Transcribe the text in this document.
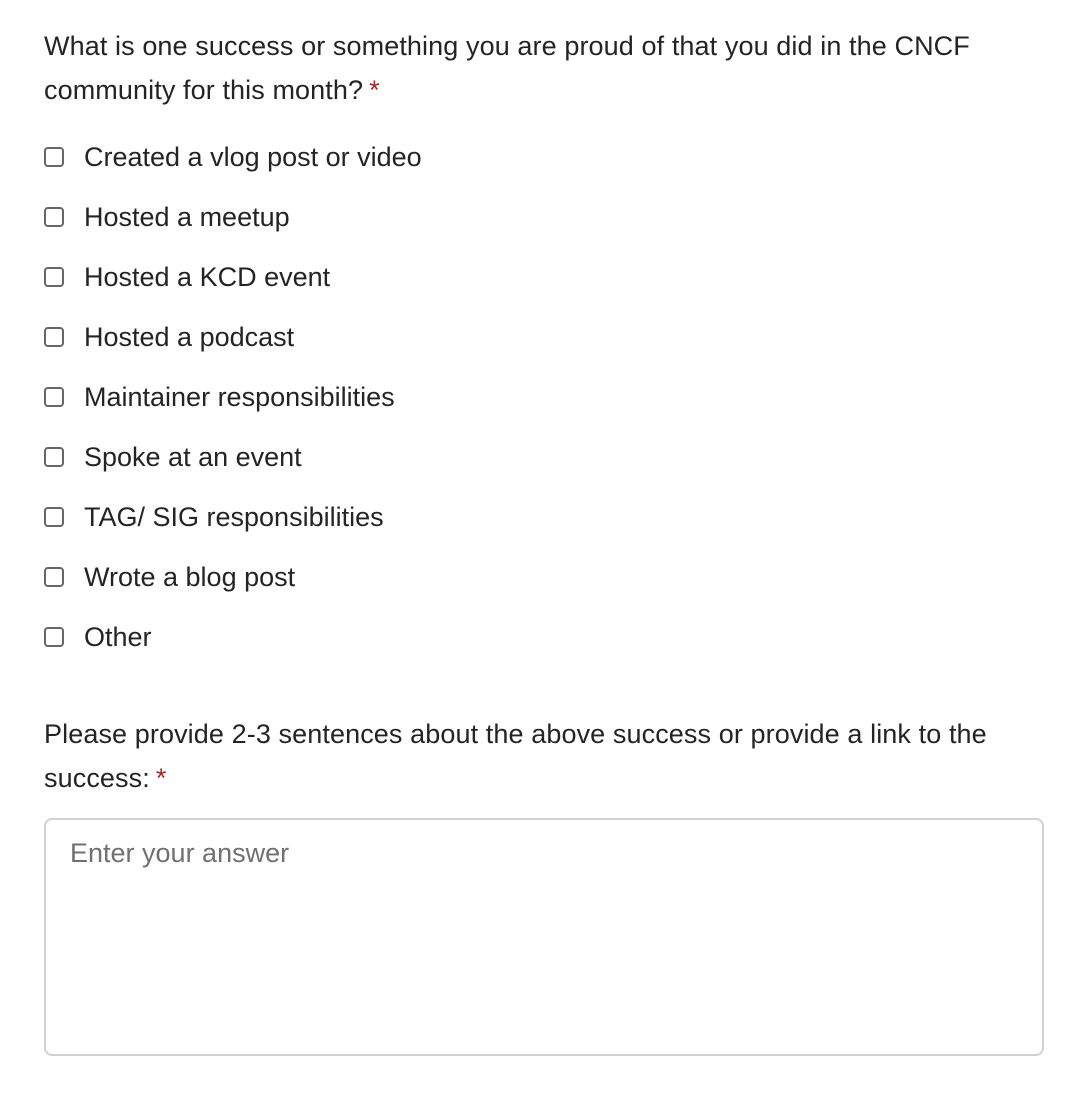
What is one success or something you are proud of that you did in the CNCF community for this month? *

Created a vlog post or video
Hosted a meetup
Hosted a KCD event
Hosted a podcast
Maintainer responsibilities
Spoke at an event
TAG/ SIG responsibilities
Wrote a blog post
Other

Please provide 2-3 sentences about the above success or provide a link to the success: *

Enter your answer
